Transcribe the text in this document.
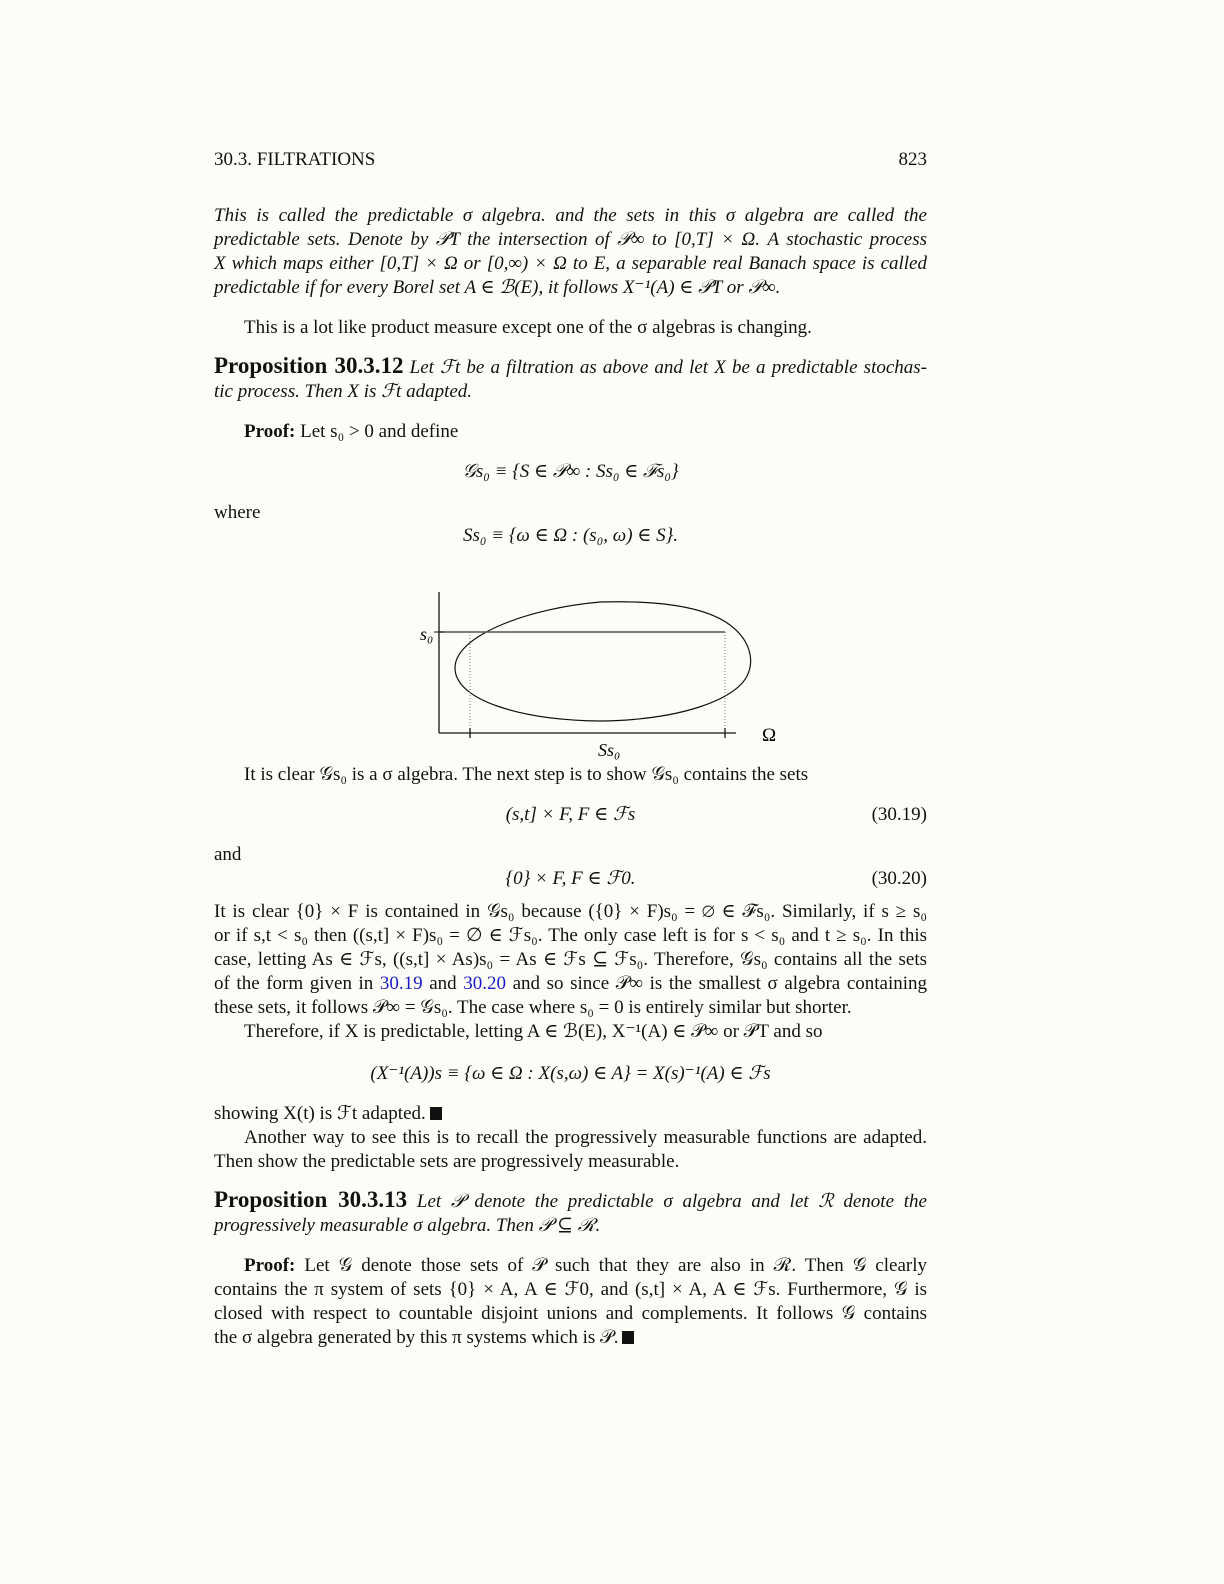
30.3. FILTRATIONS	823
This is called the predictable σ algebra. and the sets in this σ algebra are called the
predictable sets. Denote by 𝒫T the intersection of 𝒫∞ to [0,T] × Ω. A stochastic process
X which maps either [0,T] × Ω or [0,∞) × Ω to E, a separable real Banach space is called
predictable if for every Borel set A ∈ ℬ(E), it follows X⁻¹(A) ∈ 𝒫T or 𝒫∞.
This is a lot like product measure except one of the σ algebras is changing.
Proposition 30.3.12 Let ℱt be a filtration as above and let X be a predictable stochas-
tic process. Then X is ℱt adapted.
Proof: Let s₀ > 0 and define
𝒢s₀ ≡ {S ∈ 𝒫∞ : Ss₀ ∈ ℱs₀}
where
Ss₀ ≡ {ω ∈ Ω : (s₀, ω) ∈ S}.
s₀
Ω
Ss₀
It is clear 𝒢s₀ is a σ algebra. The next step is to show 𝒢s₀ contains the sets
(s,t] × F, F ∈ ℱs	(30.19)
and
{0} × F, F ∈ ℱ0.	(30.20)
It is clear {0} × F is contained in 𝒢s₀ because ({0} × F)s₀ = ∅ ∈ ℱs₀. Similarly, if s ≥ s₀
or if s,t < s₀ then ((s,t] × F)s₀ = ∅ ∈ ℱs₀. The only case left is for s < s₀ and t ≥ s₀. In this
case, letting As ∈ ℱs, ((s,t] × As)s₀ = As ∈ ℱs ⊆ ℱs₀. Therefore, 𝒢s₀ contains all the sets
of the form given in 30.19 and 30.20 and so since 𝒫∞ is the smallest σ algebra containing
these sets, it follows 𝒫∞ = 𝒢s₀. The case where s₀ = 0 is entirely similar but shorter.
Therefore, if X is predictable, letting A ∈ ℬ(E), X⁻¹(A) ∈ 𝒫∞ or 𝒫T and so
(X⁻¹(A))s ≡ {ω ∈ Ω : X(s,ω) ∈ A} = X(s)⁻¹(A) ∈ ℱs
showing X(t) is ℱt adapted.
Another way to see this is to recall the progressively measurable functions are adapted.
Then show the predictable sets are progressively measurable.
Proposition 30.3.13 Let 𝒫 denote the predictable σ algebra and let ℛ denote the
progressively measurable σ algebra. Then 𝒫 ⊆ ℛ.
Proof: Let 𝒢 denote those sets of 𝒫 such that they are also in ℛ. Then 𝒢 clearly
contains the π system of sets {0} × A, A ∈ ℱ0, and (s,t] × A, A ∈ ℱs. Furthermore, 𝒢 is
closed with respect to countable disjoint unions and complements. It follows 𝒢 contains
the σ algebra generated by this π systems which is 𝒫.
